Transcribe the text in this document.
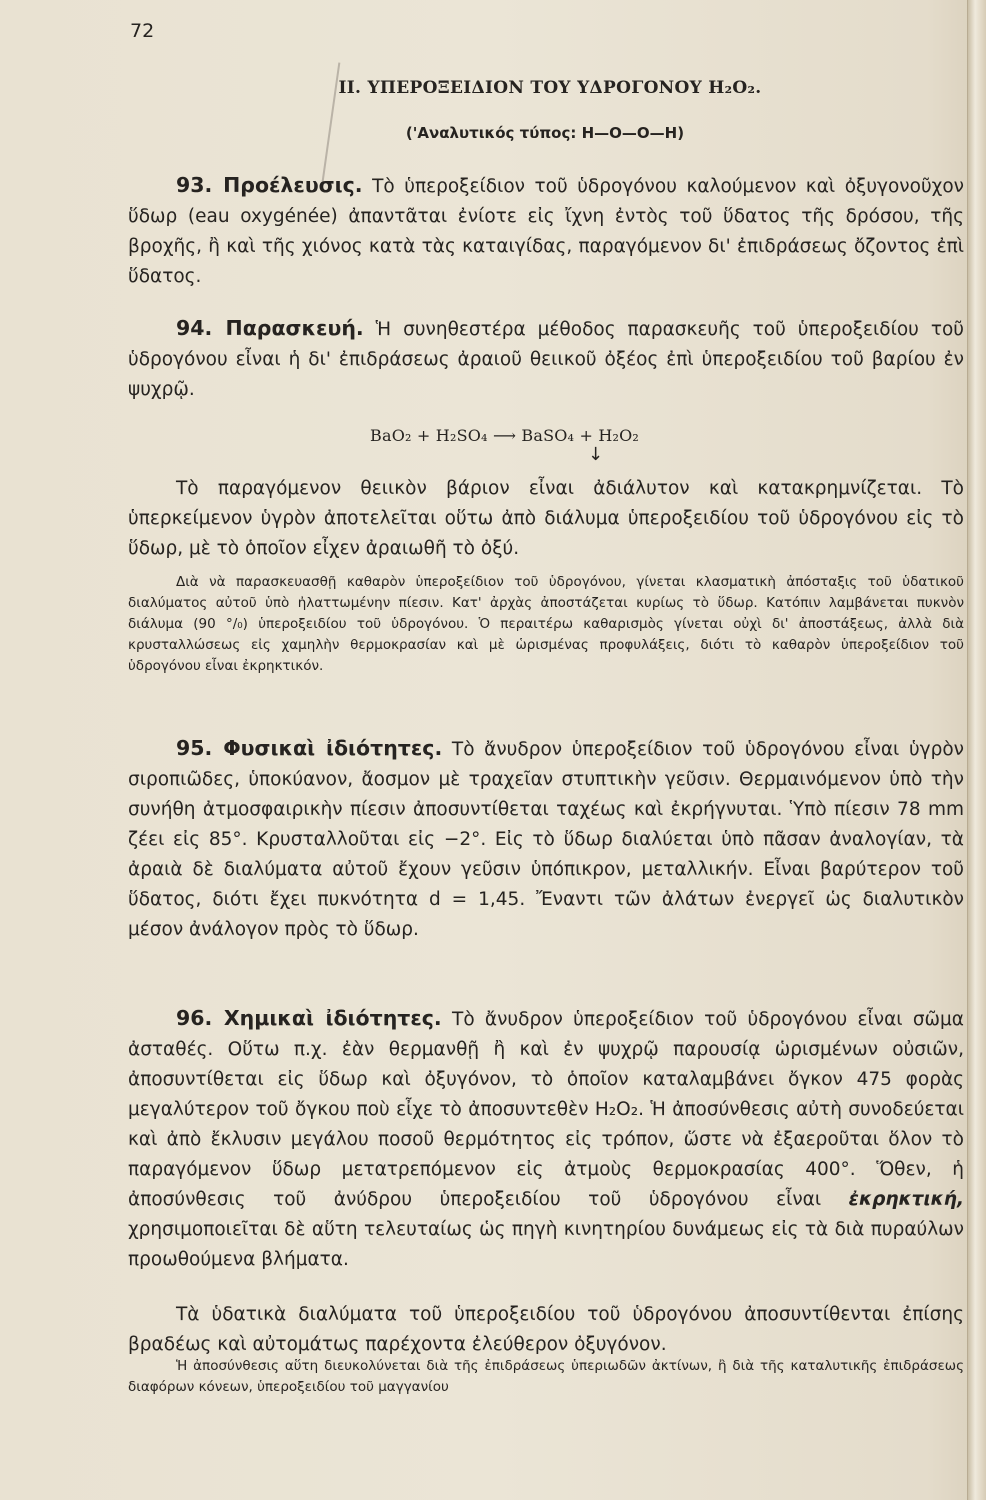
72
II. ΥΠΕΡΟΞΕΙΔΙΟΝ ΤΟΥ ΥΔΡΟΓΟΝΟΥ H₂O₂.
('Αναλυτικός τύπος: H—O—O—H)
93. Προέλευσις. Τὸ ὑπεροξείδιον τοῦ ὑδρογόνου καλούμενον καὶ ὀξυγονοῦχον ὕδωρ (eau oxygénée) ἀπαντᾶται ἐνίοτε εἰς ἴχνη ἐντὸς τοῦ ὕδατος τῆς δρόσου, τῆς βροχῆς, ἢ καὶ τῆς χιόνος κατὰ τὰς καταιγίδας, παραγόμενον δι' ἐπιδράσεως ὄζοντος ἐπὶ ὕδατος.
94. Παρασκευή. Ἡ συνηθεστέρα μέθοδος παρασκευῆς τοῦ ὑπεροξειδίου τοῦ ὑδρογόνου εἶναι ἡ δι' ἐπιδράσεως ἀραιοῦ θειικοῦ ὀξέος ἐπὶ ὑπεροξειδίου τοῦ βαρίου ἐν ψυχρῷ.
BaO₂ + H₂SO₄ ⟶ BaSO₄ + H₂O₂
↓
Τὸ παραγόμενον θειικὸν βάριον εἶναι ἀδιάλυτον καὶ κατακρημνίζεται. Τὸ ὑπερκείμενον ὑγρὸν ἀποτελεῖται οὕτω ἀπὸ διάλυμα ὑπεροξειδίου τοῦ ὑδρογόνου εἰς τὸ ὕδωρ, μὲ τὸ ὁποῖον εἶχεν ἀραιωθῆ τὸ ὀξύ.
Διὰ νὰ παρασκευασθῇ καθαρὸν ὑπεροξείδιον τοῦ ὑδρογόνου, γίνεται κλασματικὴ ἀπόσταξις τοῦ ὑδατικοῦ διαλύματος αὐτοῦ ὑπὸ ἠλαττωμένην πίεσιν. Κατ' ἀρχὰς ἀποστάζεται κυρίως τὸ ὕδωρ. Κατόπιν λαμβάνεται πυκνὸν διάλυμα (90 °/₀) ὑπεροξειδίου τοῦ ὑδρογόνου. Ὁ περαιτέρω καθαρισμὸς γίνεται οὐχὶ δι' ἀποστάξεως, ἀλλὰ διὰ κρυσταλλώσεως εἰς χαμηλὴν θερμοκρασίαν καὶ μὲ ὡρισμένας προφυλάξεις, διότι τὸ καθαρὸν ὑπεροξείδιον τοῦ ὑδρογόνου εἶναι ἐκρηκτικόν.
95. Φυσικαὶ ἰδιότητες. Τὸ ἄνυδρον ὑπεροξείδιον τοῦ ὑδρογόνου εἶναι ὑγρὸν σιροπιῶδες, ὑποκύανον, ἄοσμον μὲ τραχεῖαν στυπτικὴν γεῦσιν. Θερμαινόμενον ὑπὸ τὴν συνήθη ἀτμοσφαιρικὴν πίεσιν ἀποσυντίθεται ταχέως καὶ ἐκρήγνυται. Ὑπὸ πίεσιν 78 mm ζέει εἰς 85°. Κρυσταλλοῦται εἰς −2°. Εἰς τὸ ὕδωρ διαλύεται ὑπὸ πᾶσαν ἀναλογίαν, τὰ ἀραιὰ δὲ διαλύματα αὐτοῦ ἔχουν γεῦσιν ὑπόπικρον, μεταλλικήν. Εἶναι βαρύτερον τοῦ ὕδατος, διότι ἔχει πυκνότητα d = 1,45. Ἔναντι τῶν ἀλάτων ἐνεργεῖ ὡς διαλυτικὸν μέσον ἀνάλογον πρὸς τὸ ὕδωρ.
96. Χημικαὶ ἰδιότητες. Τὸ ἄνυδρον ὑπεροξείδιον τοῦ ὑδρογόνου εἶναι σῶμα ἀσταθές. Οὕτω π.χ. ἐὰν θερμανθῇ ἢ καὶ ἐν ψυχρῷ παρουσίᾳ ὡρισμένων οὐσιῶν, ἀποσυντίθεται εἰς ὕδωρ καὶ ὀξυγόνον, τὸ ὁποῖον καταλαμβάνει ὄγκον 475 φορὰς μεγαλύτερον τοῦ ὄγκου ποὺ εἶχε τὸ ἀποσυντεθὲν H₂O₂. Ἡ ἀποσύνθεσις αὐτὴ συνοδεύεται καὶ ἀπὸ ἔκλυσιν μεγάλου ποσοῦ θερμότητος εἰς τρόπον, ὥστε νὰ ἐξαεροῦται ὅλον τὸ παραγόμενον ὕδωρ μετατρεπόμενον εἰς ἀτμοὺς θερμοκρασίας 400°. Ὅθεν, ἡ ἀποσύνθεσις τοῦ ἀνύδρου ὑπεροξειδίου τοῦ ὑδρογόνου εἶναι ἐκρηκτική, χρησιμοποιεῖται δὲ αὕτη τελευταίως ὡς πηγὴ κινητηρίου δυνάμεως εἰς τὰ διὰ πυραύλων προωθούμενα βλήματα.
Τὰ ὑδατικὰ διαλύματα τοῦ ὑπεροξειδίου τοῦ ὑδρογόνου ἀποσυντίθενται ἐπίσης βραδέως καὶ αὐτομάτως παρέχοντα ἐλεύθερον ὀξυγόνον.
Ἡ ἀποσύνθεσις αὕτη διευκολύνεται διὰ τῆς ἐπιδράσεως ὑπεριωδῶν ἀκτίνων, ἢ διὰ τῆς καταλυτικῆς ἐπιδράσεως διαφόρων κόνεων, ὑπεροξειδίου τοῦ μαγγανίου
